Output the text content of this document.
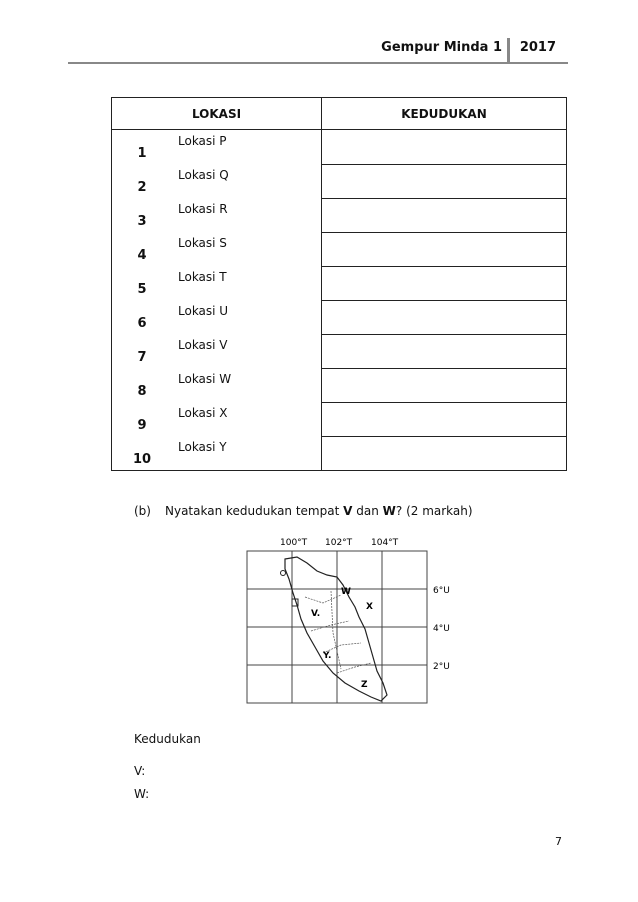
Gempur Minda 1 2017
LOKASI		KEDUDUKAN
1	Lokasi P	
2	Lokasi Q	
3	Lokasi R	
4	Lokasi S	
5	Lokasi T	
6	Lokasi U	
7	Lokasi V	
8	Lokasi W	
9	Lokasi X	
10	Lokasi Y	
(b) Nyatakan kedudukan tempat V dan W? (2 markah)
100°T 102°T 104°T
6°U
4°U
2°U
W
X
V.
Y.
Z
Kedudukan
V:
W:
7
